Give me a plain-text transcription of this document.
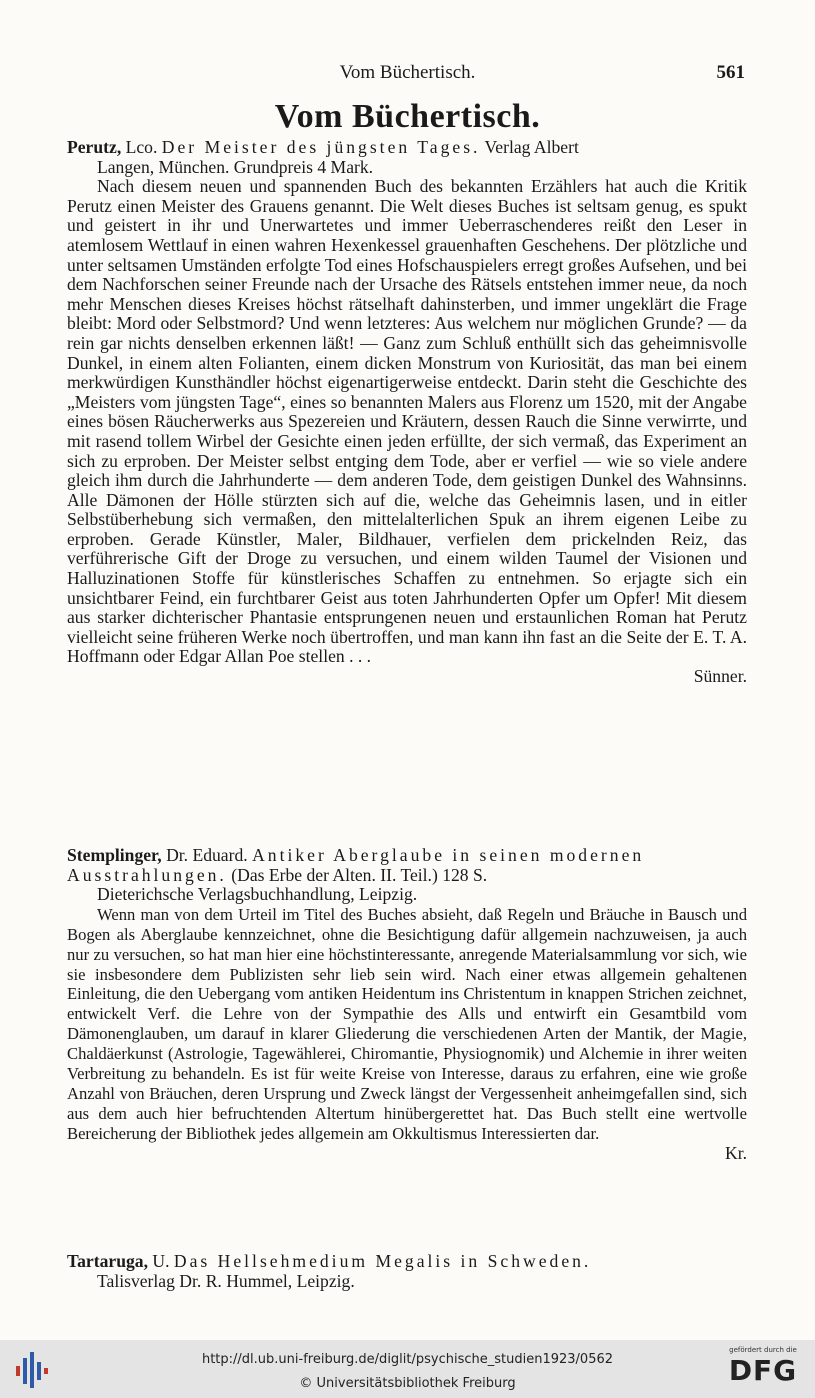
Vom Büchertisch.	561
Vom Büchertisch.
Perutz, Lco. Der Meister des jüngsten Tages. Verlag Albert
Langen, München. Grundpreis 4 Mark.

Nach diesem neuen und spannenden Buch des bekannten Erzählers hat auch die Kritik Perutz einen Meister des Grauens genannt. Die Welt dieses Buches ist seltsam genug, es spukt und geistert in ihr und Unerwartetes und immer Ueberraschenderes reißt den Leser in atemlosem Wettlauf in einen wahren Hexenkessel grauenhaften Geschehens. Der plötzliche und unter seltsamen Umständen erfolgte Tod eines Hofschauspielers erregt großes Aufsehen, und bei dem Nachforschen seiner Freunde nach der Ursache des Rätsels entstehen immer neue, da noch mehr Menschen dieses Kreises höchst rätselhaft dahinsterben, und immer ungeklärt die Frage bleibt: Mord oder Selbstmord? Und wenn letzteres: Aus welchem nur möglichen Grunde? — da rein gar nichts denselben erkennen läßt! — Ganz zum Schluß enthüllt sich das geheimnisvolle Dunkel, in einem alten Folianten, einem dicken Monstrum von Kuriosität, das man bei einem merkwürdigen Kunsthändler höchst eigenartigerweise entdeckt. Darin steht die Geschichte des „Meisters vom jüngsten Tage“, eines so benannten Malers aus Florenz um 1520, mit der Angabe eines bösen Räucherwerks aus Spezereien und Kräutern, dessen Rauch die Sinne verwirrte, und mit rasend tollem Wirbel der Gesichte einen jeden erfüllte, der sich vermaß, das Experiment an sich zu erproben. Der Meister selbst entging dem Tode, aber er verfiel — wie so viele andere gleich ihm durch die Jahrhunderte — dem anderen Tode, dem geistigen Dunkel des Wahnsinns. Alle Dämonen der Hölle stürzten sich auf die, welche das Geheimnis lasen, und in eitler Selbstüberhebung sich vermaßen, den mittelalterlichen Spuk an ihrem eigenen Leibe zu erproben. Gerade Künstler, Maler, Bildhauer, verfielen dem prickelnden Reiz, das verführerische Gift der Droge zu versuchen, und einem wilden Taumel der Visionen und Halluzinationen Stoffe für künstlerisches Schaffen zu entnehmen. So erjagte sich ein unsichtbarer Feind, ein furchtbarer Geist aus toten Jahrhunderten Opfer um Opfer! Mit diesem aus starker dichterischer Phantasie entsprungenen neuen und erstaunlichen Roman hat Perutz vielleicht seine früheren Werke noch übertroffen, und man kann ihn fast an die Seite der E. T. A. Hoffmann oder Edgar Allan Poe stellen . . .

Sünner.
Stemplinger, Dr. Eduard. Antiker Aberglaube in seinen modernen Ausstrahlungen. (Das Erbe der Alten. II. Teil.) 128 S.
Dieterichsche Verlagsbuchhandlung, Leipzig.

Wenn man von dem Urteil im Titel des Buches absieht, daß Regeln und Bräuche in Bausch und Bogen als Aberglaube kennzeichnet, ohne die Besichtigung dafür allgemein nachzuweisen, ja auch nur zu versuchen, so hat man hier eine höchstinteressante, anregende Materialsammlung vor sich, wie sie insbesondere dem Publizisten sehr lieb sein wird. Nach einer etwas allgemein gehaltenen Einleitung, die den Uebergang vom antiken Heidentum ins Christentum in knappen Strichen zeichnet, entwickelt Verf. die Lehre von der Sympathie des Alls und entwirft ein Gesamtbild vom Dämonenglauben, um darauf in klarer Gliederung die verschiedenen Arten der Mantik, der Magie, Chaldäerkunst (Astrologie, Tagewählerei, Chiromantie, Physiognomik) und Alchemie in ihrer weiten Verbreitung zu behandeln. Es ist für weite Kreise von Interesse, daraus zu erfahren, eine wie große Anzahl von Bräuchen, deren Ursprung und Zweck längst der Vergessenheit anheimgefallen sind, sich aus dem auch hier befruchtenden Altertum hinübergerettet hat. Das Buch stellt eine wertvolle Bereicherung der Bibliothek jedes allgemein am Okkultismus Interessierten dar.

Kr.
Tartaruga, U. Das Hellsehmedium Megalis in Schweden.
Talisverlag Dr. R. Hummel, Leipzig.
http://dl.ub.uni-freiburg.de/diglit/psychische_studien1923/0562
© Universitätsbibliothek Freiburg
gefördert durch die
DFG
